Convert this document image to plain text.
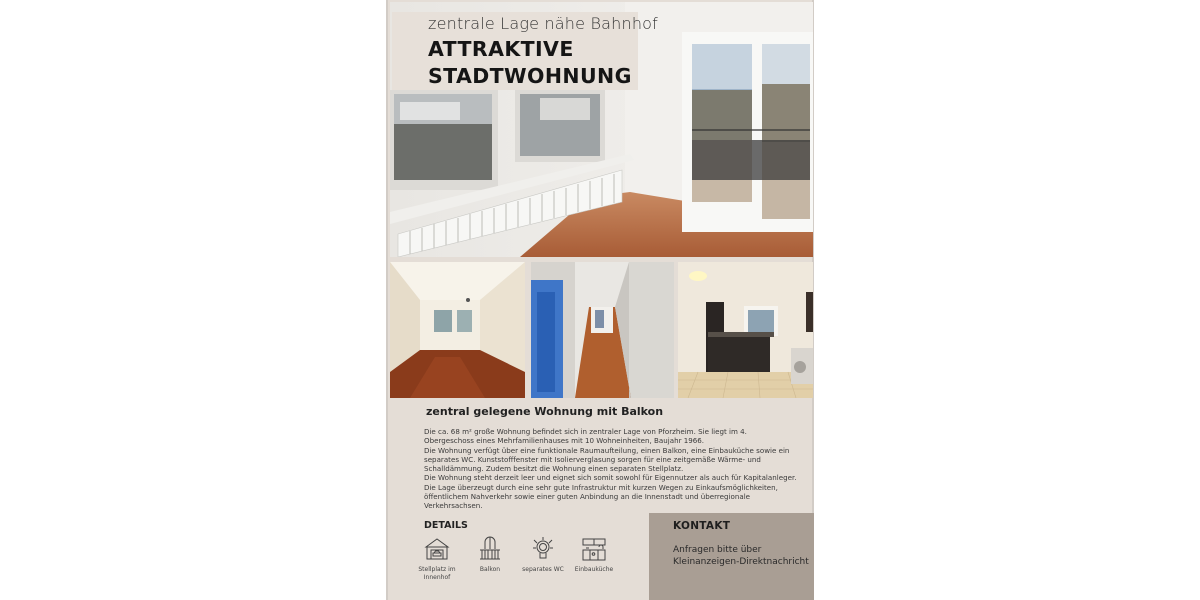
zentrale Lage nähe Bahnhof
ATTRAKTIVE
STADTWOHNUNG
zentral gelegene Wohnung mit Balkon
Die ca. 68 m² große Wohnung befindet sich in zentraler Lage von Pforzheim. Sie liegt im 4.
Obergeschoss eines Mehrfamilienhauses mit 10 Wohneinheiten, Baujahr 1966.
Die Wohnung verfügt über eine funktionale Raumaufteilung, einen Balkon, eine Einbauküche sowie ein
separates WC. Kunststofffenster mit Isolierverglasung sorgen für eine zeitgemäße Wärme- und
Schalldämmung. Zudem besitzt die Wohnung einen separaten Stellplatz.
Die Wohnung steht derzeit leer und eignet sich somit sowohl für Eigennutzer als auch für Kapitalanleger.
Die Lage überzeugt durch eine sehr gute Infrastruktur mit kurzen Wegen zu Einkaufsmöglichkeiten,
öffentlichem Nahverkehr sowie einer guten Anbindung an die Innenstadt und überregionale
Verkehrsachsen.
DETAILS
Stellplatz im
Innenhof
Balkon	separates WC	Einbauküche
KONTAKT
Anfragen bitte über
Kleinanzeigen-Direktnachricht
